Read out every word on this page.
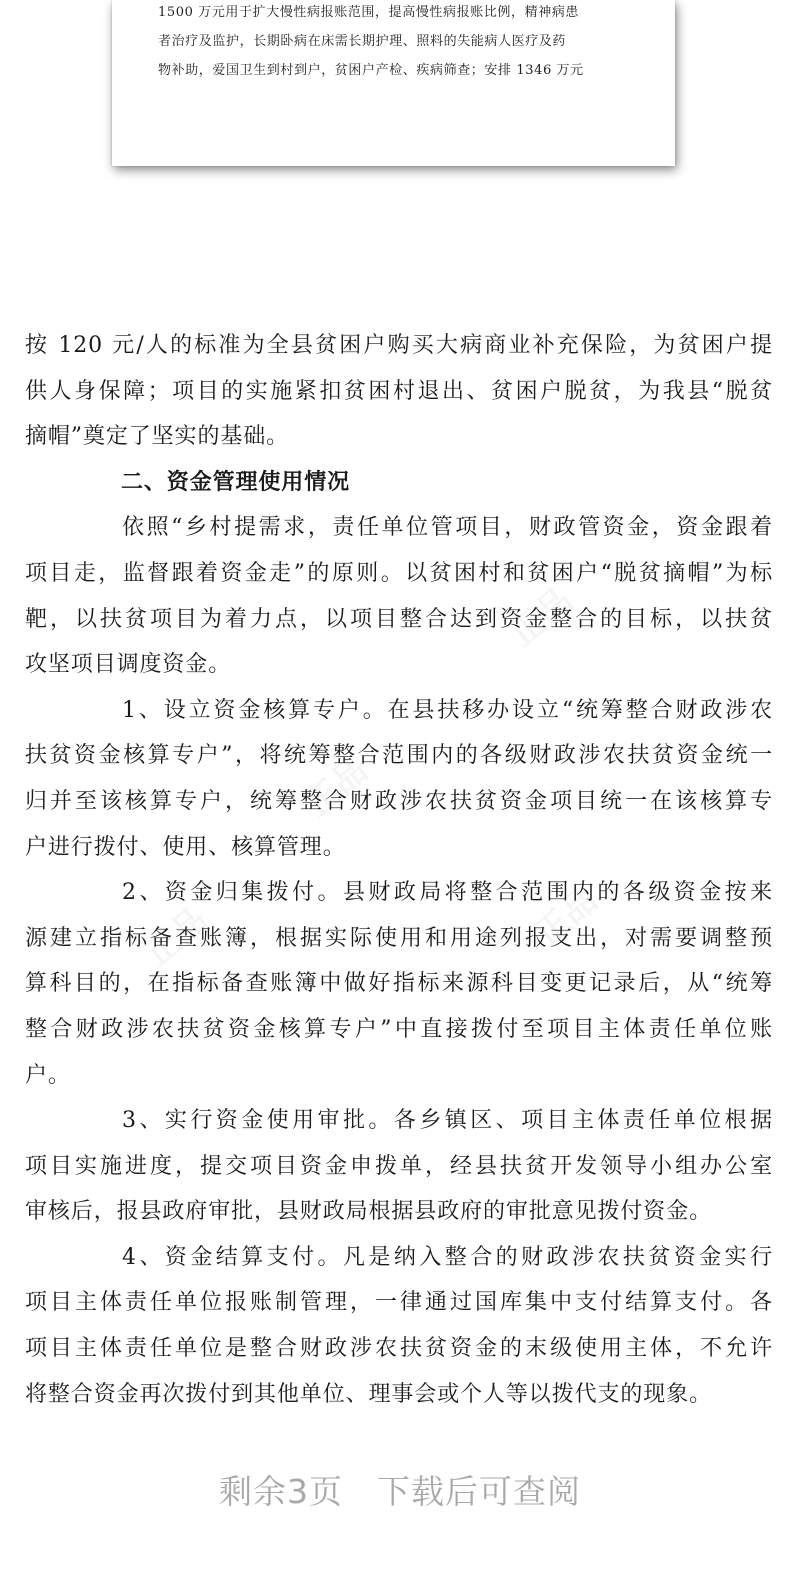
1500 万元用于扩大慢性病报账范围，提高慢性病报账比例，精神病患
者治疗及监护，长期卧病在床需长期护理、照料的失能病人医疗及药
物补助，爱国卫生到村到户，贫困户产检、疾病筛查；安排 1346 万元
按 120 元/人的标准为全县贫困户购买大病商业补充保险，为贫困户提
供人身保障；项目的实施紧扣贫困村退出、贫困户脱贫，为我县“脱贫
摘帽”奠定了坚实的基础。
二、资金管理使用情况
依照“乡村提需求，责任单位管项目，财政管资金，资金跟着
项目走，监督跟着资金走”的原则。以贫困村和贫困户“脱贫摘帽”为标
靶，以扶贫项目为着力点，以项目整合达到资金整合的目标，以扶贫
攻坚项目调度资金。
1、设立资金核算专户。在县扶移办设立“统筹整合财政涉农
扶贫资金核算专户”，将统筹整合范围内的各级财政涉农扶贫资金统一
归并至该核算专户，统筹整合财政涉农扶贫资金项目统一在该核算专
户进行拨付、使用、核算管理。
2、资金归集拨付。县财政局将整合范围内的各级资金按来
源建立指标备查账簿，根据实际使用和用途列报支出，对需要调整预
算科目的，在指标备查账簿中做好指标来源科目变更记录后，从“统筹
整合财政涉农扶贫资金核算专户”中直接拨付至项目主体责任单位账
户。
3、实行资金使用审批。各乡镇区、项目主体责任单位根据
项目实施进度，提交项目资金申拨单，经县扶贫开发领导小组办公室
审核后，报县政府审批，县财政局根据县政府的审批意见拨付资金。
4、资金结算支付。凡是纳入整合的财政涉农扶贫资金实行
项目主体责任单位报账制管理，一律通过国库集中支付结算支付。各
项目主体责任单位是整合财政涉农扶贫资金的末级使用主体，不允许
将整合资金再次拨付到其他单位、理事会或个人等以拨代支的现象。
剩余3页 下载后可查阅
